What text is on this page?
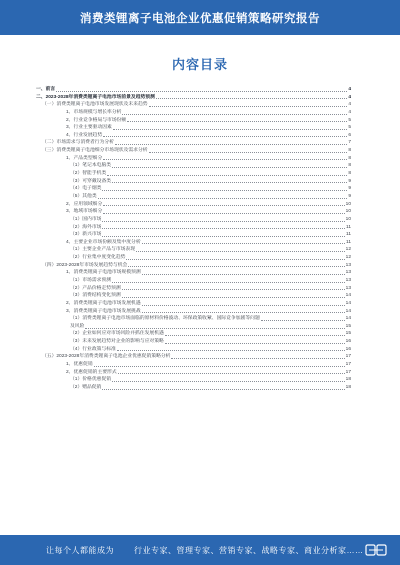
消费类锂离子电池企业优惠促销策略研究报告
内容目录
一、前言	4
二、2023-2028年消费类锂离子电池市场前景及趋势预测	4
（一）消费类锂离子电池市场发展现状及未来趋势	4
1、市场规模与增长率分析	4
2、行业竞争格局与市场份额	5
3、行业主要驱动因素	5
4、行业发展趋势	6
（二）市场需求与消费者行为分析	7
（三）消费类锂离子电池细分市场现状及需求分析	8
1、产品类型细分	8
（1）笔记本电脑类	8
（2）智能手机类	8
（3）可穿戴设备类	9
（4）电子烟类	9
（5）其他类	9
2、应用领域细分	10
3、地域市场细分	10
（1）国内市场	10
（2）海外市场	11
（3）新兴市场	11
4、主要企业市场份额及集中度分析	11
（1）主要企业产品与市场表现	12
（2）行业集中度变化趋势	12
（四）2023-2028年市场发展趋势与机会	13
1、消费类锂离子电池市场规模预测	13
（1）市场需求预测	13
（2）产品价格走势预测	13
（3）消费结构变化预测	14
2、消费类锂离子电池市场发展机遇	14
3、消费类锂离子电池市场发展挑战	14
（1）消费类锂离子电池市场面临的原材料价格波动、环保政策收紧、国际竞争加剧等问题	14
及风险	15
（2）企业如何应对市场风险并抓住发展机遇	15
（3）未来发展趋势对企业的影响与应对策略	16
（4）行业政策与标准	16
（五）2023-2028年消费类锂离子电池企业优惠促销策略分析	17
1、优惠促销	17
2、优惠促销的主要形式	17
（1）价格优惠促销	18
（2）赠品促销	18
让每个人都能成为	行业专家、管理专家、营销专家、战略专家、商业分析家……
